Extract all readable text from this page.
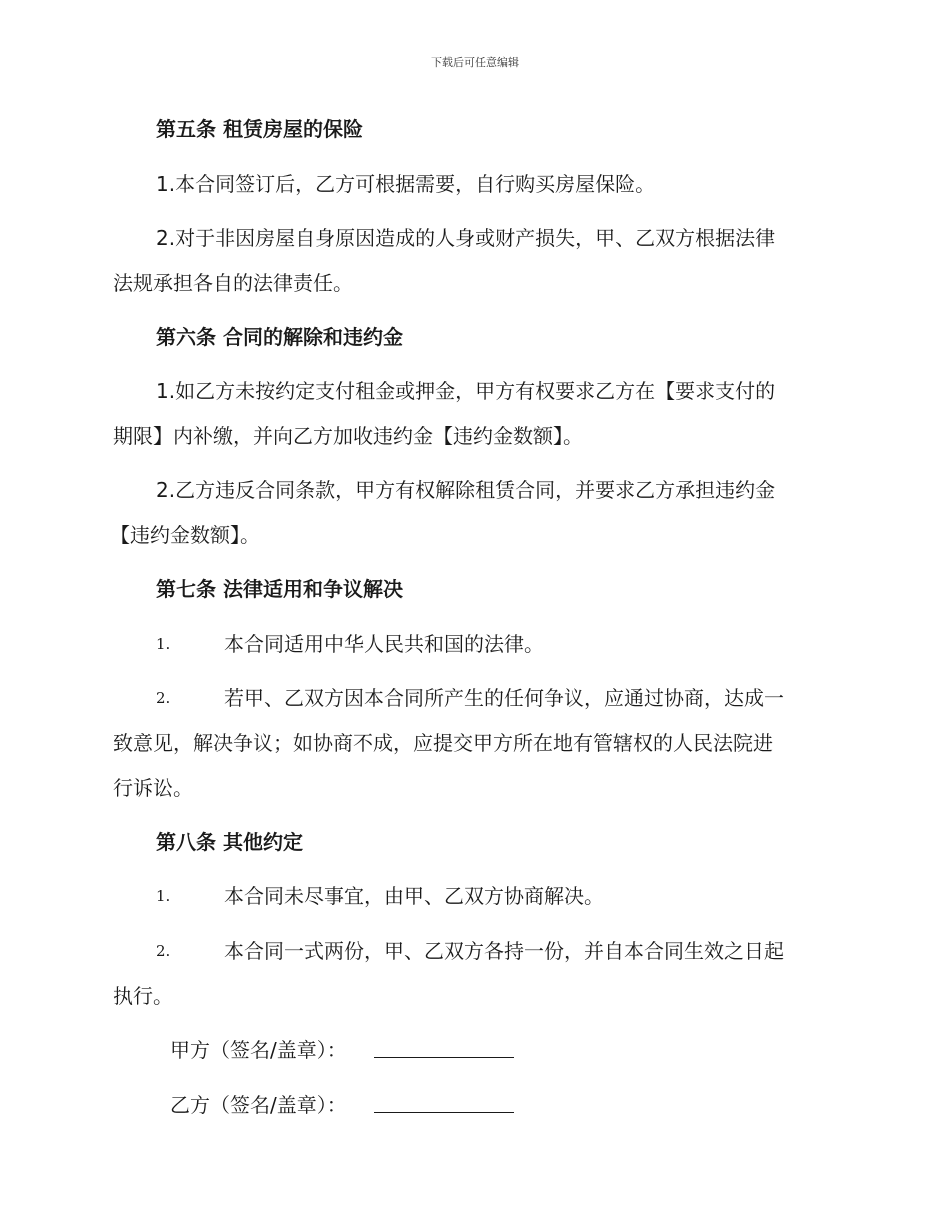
下载后可任意编辑
第五条 租赁房屋的保险
1.本合同签订后，乙方可根据需要，自行购买房屋保险。
2.对于非因房屋自身原因造成的人身或财产损失，甲、乙双方根据法律
法规承担各自的法律责任。
第六条 合同的解除和违约金
1.如乙方未按约定支付租金或押金，甲方有权要求乙方在【要求支付的
期限】内补缴，并向乙方加收违约金【违约金数额】。
2.乙方违反合同条款，甲方有权解除租赁合同，并要求乙方承担违约金
【违约金数额】。
第七条 法律适用和争议解决
1.	本合同适用中华人民共和国的法律。
2.	若甲、乙双方因本合同所产生的任何争议，应通过协商，达成一
致意见，解决争议；如协商不成，应提交甲方所在地有管辖权的人民法院进
行诉讼。
第八条 其他约定
1.	本合同未尽事宜，由甲、乙双方协商解决。
2.	本合同一式两份，甲、乙双方各持一份，并自本合同生效之日起
执行。
甲方（签名/盖章）：
乙方（签名/盖章）：
